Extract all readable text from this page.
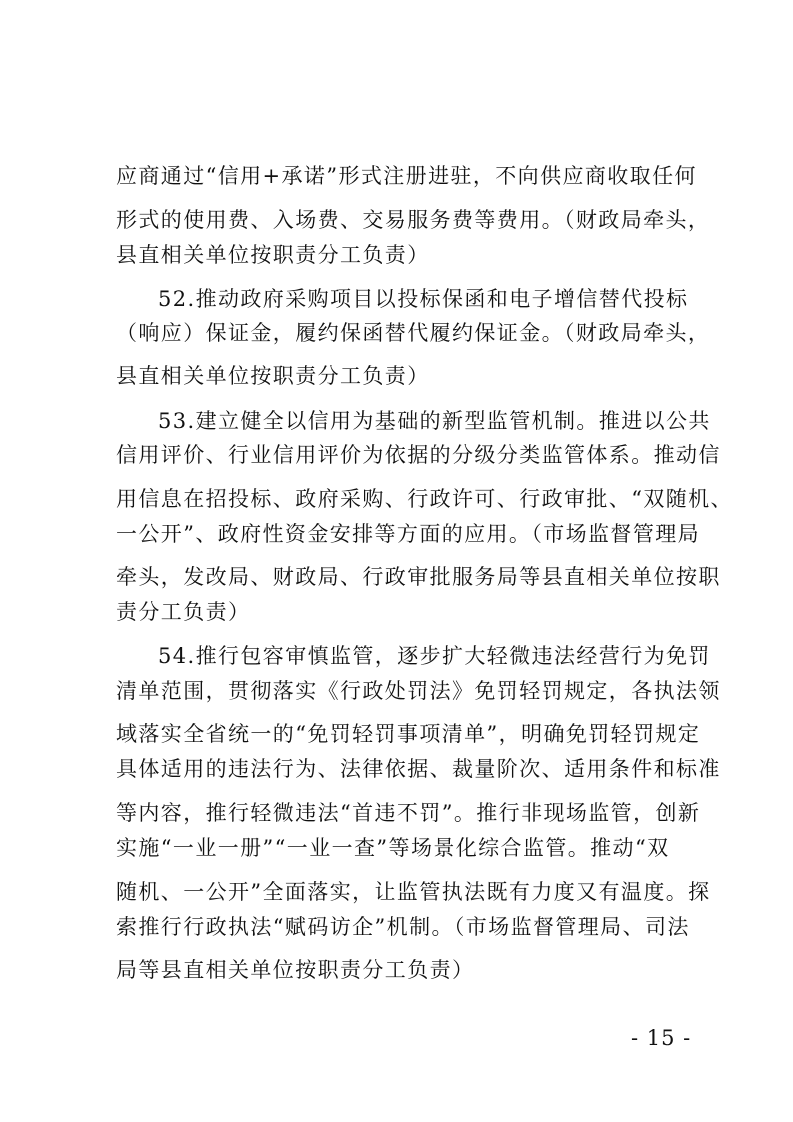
应商通过“信用+承诺”形式注册进驻，不向供应商收取任何
形式的使用费、入场费、交易服务费等费用。（财政局牵头，
县直相关单位按职责分工负责）
52.推动政府采购项目以投标保函和电子增信替代投标
（响应）保证金，履约保函替代履约保证金。（财政局牵头，
县直相关单位按职责分工负责）
53.建立健全以信用为基础的新型监管机制。推进以公共
信用评价、行业信用评价为依据的分级分类监管体系。推动信
用信息在招投标、政府采购、行政许可、行政审批、“双随机、
一公开”、政府性资金安排等方面的应用。（市场监督管理局
牵头，发改局、财政局、行政审批服务局等县直相关单位按职
责分工负责）
54.推行包容审慎监管，逐步扩大轻微违法经营行为免罚
清单范围，贯彻落实《行政处罚法》免罚轻罚规定，各执法领
域落实全省统一的“免罚轻罚事项清单”，明确免罚轻罚规定
具体适用的违法行为、法律依据、裁量阶次、适用条件和标准
等内容，推行轻微违法“首违不罚”。推行非现场监管，创新
实施“一业一册”“一业一查”等场景化综合监管。推动“双
随机、一公开”全面落实，让监管执法既有力度又有温度。探
索推行行政执法“赋码访企”机制。（市场监督管理局、司法
局等县直相关单位按职责分工负责）
- 15 -
